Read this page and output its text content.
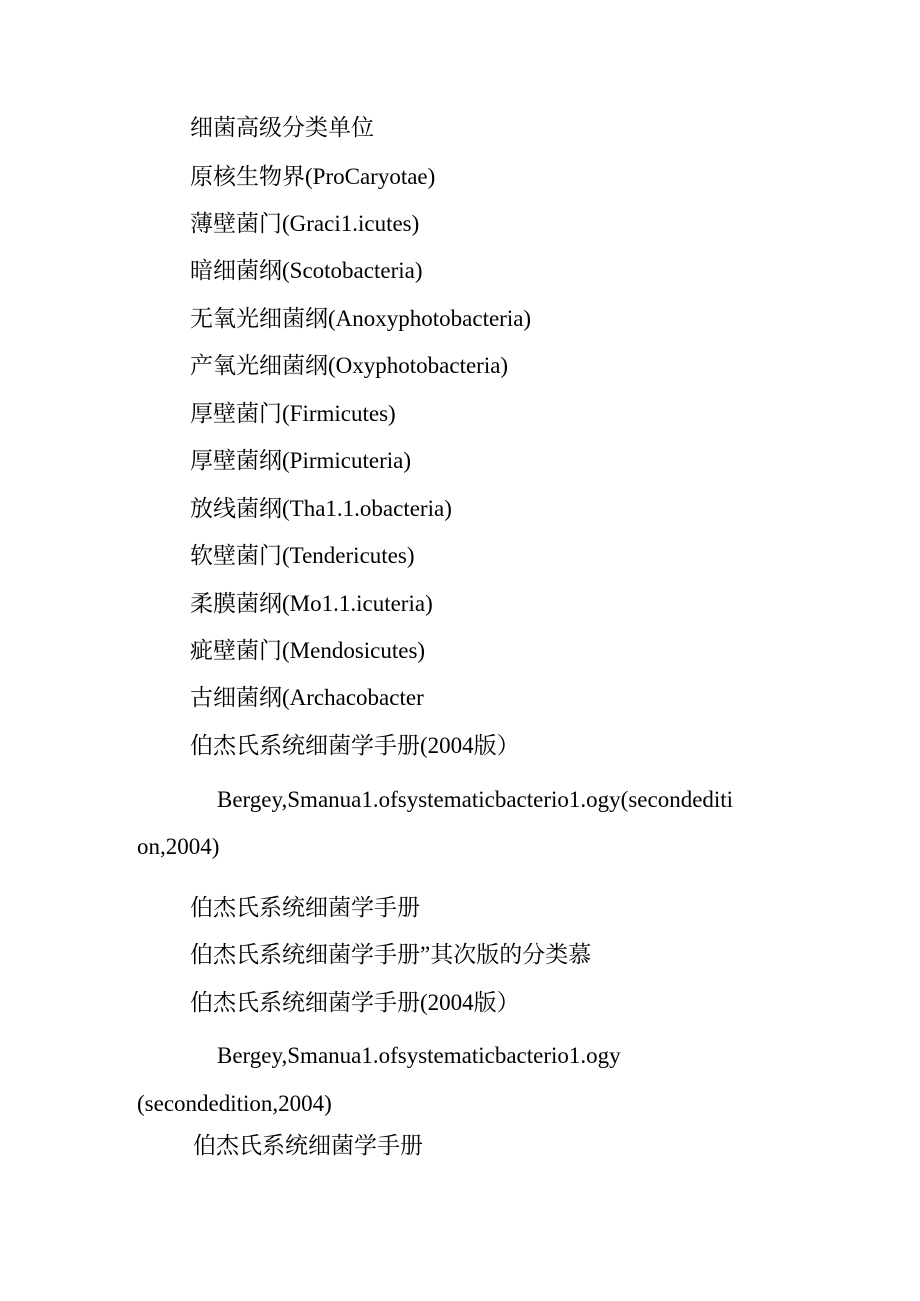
细菌高级分类单位
原核生物界(ProCaryotae)
薄壁菌门(Graci1.icutes)
暗细菌纲(Scotobacteria)
无氧光细菌纲(Anoxyphotobacteria)
产氧光细菌纲(Oxyphotobacteria)
厚壁菌门(Firmicutes)
厚壁菌纲(Pirmicuteria)
放线菌纲(Tha1.1.obacteria)
软壁菌门(Tendericutes)
柔膜菌纲(Mo1.1.icuteria)
疵壁菌门(Mendosicutes)
古细菌纲(Archacobacter
伯杰氏系统细菌学手册(2004版）
Bergey,Smanua1.ofsystematicbacterio1.ogy(secondediti
on,2004)
伯杰氏系统细菌学手册
伯杰氏系统细菌学手册”其次版的分类慕
伯杰氏系统细菌学手册(2004版）
Bergey,Smanua1.ofsystematicbacterio1.ogy
(secondedition,2004)
伯杰氏系统细菌学手册
